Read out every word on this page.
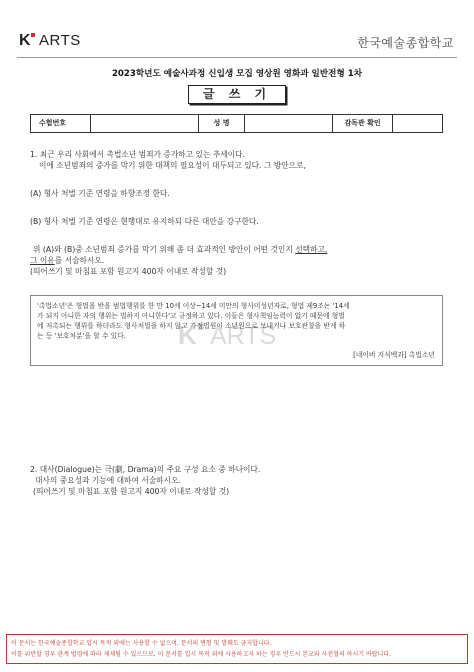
K ARTS	한국예술종합학교
2023학년도 예술사과정 신입생 모집 영상원 영화과 일반전형 1차
글 쓰 기
수험번호	성 명	감독관 확인
1. 최근 우리 사회에서 촉법소년 범죄가 증가하고 있는 추세이다.
이에 소년범죄의 증가를 막기 위한 대책의 필요성이 대두되고 있다. 그 방안으로,
(A) 형사 처벌 기준 연령을 하향조정 한다.
(B) 형사 처벌 기준 연령은 현행대로 유지하되 다른 대안을 강구한다.
위 (A)와 (B)중 소년범죄 증가를 막기 위해 좀 더 효과적인 방안이 어떤 것인지 선택하고,
그 이유를 서술하시오.
(띄어쓰기 및 마침표 포함 원고지 400자 이내로 작성할 것)

'촉법소년'은 형벌을 받을 범법행위를 한 만 10세 이상~14세 미만의 형사미성년자로, 형법 제9조는 '14세

가 되지 아니한 자의 행위는 벌하지 아니한다'고 규정하고 있다. 이들은 형사책임능력이 없기 때문에 형벌

에 저촉되는 행위를 하더라도 형사처벌을 하지 않고 가정법원이 소년원으로 보내거나 보호관찰을 받게 하

는 등 '보호처분'을 할 수 있다.

[네이버 지식백과] 촉법소년
K ARTS
2. 대사(Dialogue)는 극(劇, Drama)의 주요 구성 요소 중 하나이다.
대사의 중요성과 기능에 대하여 서술하시오.
(띄어쓰기 및 마침표 포함 원고지 400자 이내로 작성할 것)
이 문서는 한국예술종합학교 입시 목적 외에는 사용할 수 없으며, 문서의 변형 및 발췌도 금지합니다.
이를 위반할 경우 관계 법령에 따라 제재될 수 있으므로, 이 문서를 입시 목적 외에 사용하고자 하는 경우 반드시 본교와 사전협의 하시기 바랍니다.
